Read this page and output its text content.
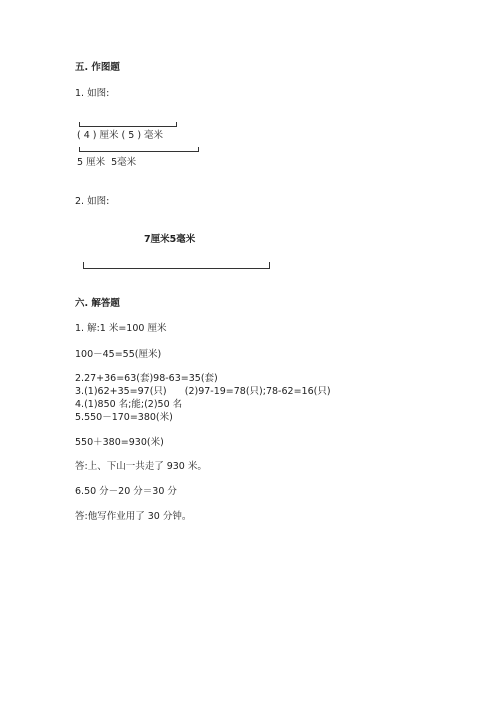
五. 作图题
1. 如图:
( 4 ) 厘米 ( 5 ) 毫米
5 厘米  5毫米
2. 如图:
7厘米5毫米
六. 解答题
1. 解:1 米=100 厘米
100－45=55(厘米)
2.27+36=63(套)98-63=35(套)
3.(1)62+35=97(只)      (2)97-19=78(只);78-62=16(只)
4.(1)850 名;能;(2)50 名
5.550－170=380(米)
550＋380=930(米)
答:上、下山一共走了 930 米。
6.50 分－20 分＝30 分
答:他写作业用了 30 分钟。
